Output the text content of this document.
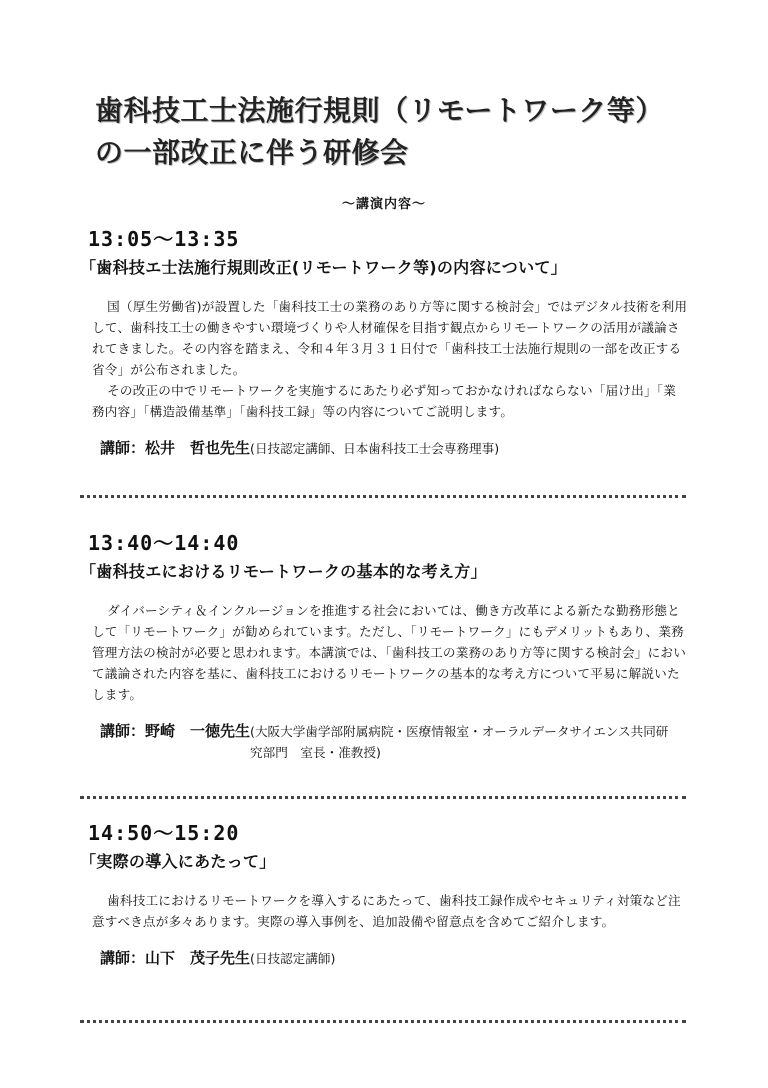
歯科技工士法施行規則（リモートワーク等）
の一部改正に伴う研修会
～講演内容～
13:05～13:35
「歯科技エ士法施行規則改正(リモートワーク等)の内容について」

国（厚生労働省)が設置した「歯科技工士の業務のあり方等に関する検討会」ではデジタル技術を利用して、歯科技工士の働きやすい環境づくりや人材確保を目指す観点からリモートワークの活用が議論されてきました。その内容を踏まえ、令和４年３月３１日付で「歯科技工士法施行規則の一部を改正する省令」が公布されました。

その改正の中でリモートワークを実施するにあたり必ず知っておかなければならない「届け出」「業務内容」「構造設備基準」「歯科技工録」等の内容についてご説明します。

講師： 松井　哲也先生 (日技認定講師、日本歯科技工士会専務理事)
13:40～14:40
「歯科技エにおけるリモートワークの基本的な考え方」

ダイバーシティ＆インクルージョンを推進する社会においては、働き方改革による新たな勤務形態として「リモートワーク」が勧められています。ただし、「リモートワーク」にもデメリットもあり、業務管理方法の検討が必要と思われます。本講演では、「歯科技工の業務のあり方等に関する検討会」において議論された内容を基に、歯科技工におけるリモートワークの基本的な考え方について平易に解説いたします。

講師： 野崎　一徳先生 (大阪大学歯学部附属病院・医療情報室・オーラルデータサイエンス共同研究部門　室長・准教授)
14:50～15:20
「実際の導入にあたって」

歯科技工におけるリモートワークを導入するにあたって、歯科技工録作成やセキュリティ対策など注意すべき点が多々あります。実際の導入事例を、追加設備や留意点を含めてご紹介します。

講師： 山下　茂子先生 (日技認定講師)
